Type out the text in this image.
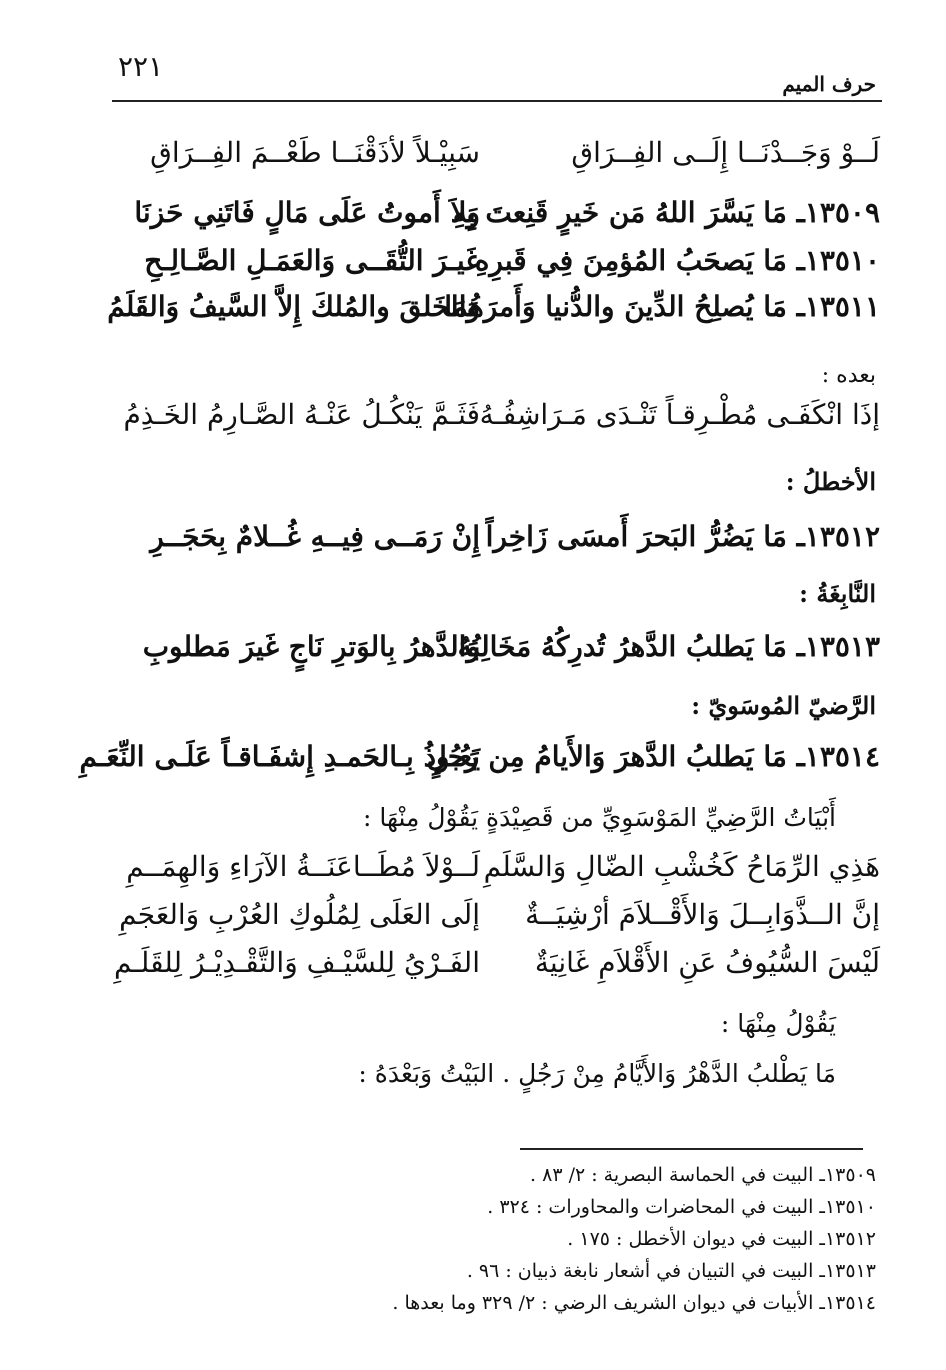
٢٢١
حرف الميم
لَــوْ وَجَــدْنَــا إِلَــى الفِــرَاقِ
سَبِيْـلاً لأذَقْنَــا طَعْــمَ الفِــرَاقِ
١٣٥٠٩ـ مَا يَسَّرَ اللهُ مَن خَيرٍ قَنِعتَ بِهِ
وَلاَ أَموتُ عَلَى مَالٍ فَاتَنِي حَزنَا
١٣٥١٠ـ مَا يَصحَبُ المُؤمِنَ فِي قَبرِهِ
غَيـرَ التُّقَــى وَالعَمَـلِ الصَّـالِـحِ
١٣٥١١ـ مَا يُصلِحُ الدِّينَ والدُّنيا وَأَمرَهُمَا
وَالخَلقَ والمُلكَ إِلاَّ السَّيفُ وَالقَلَمُ
بعده :
إذَا انْكَفَـى مُطْـرِقـاً تَنْـدَى مَـرَاشِفُـهُ
فَثَـمَّ يَنْكُـلُ عَنْـهُ الصَّـارِمُ الخَـذِمُ
الأخطلُ :
١٣٥١٢ـ مَا يَضُرُّ البَحرَ أَمسَى زَاخِراً
إِنْ رَمَــى فِيــهِ غُــلامٌ بِحَجَــرِ
النَّابِغَةُ :
١٣٥١٣ـ مَا يَطلبُ الدَّهرُ تُدرِكُهُ مَخَالِبُهُ
وَالدَّهرُ بِالوَترِ نَاجٍ غَيرَ مَطلوبِ
الرَّضيّ المُوسَويّ :
١٣٥١٤ـ مَا يَطلبُ الدَّهرَ وَالأَيامُ مِن رَجُلٍ
يَعُـوذُ بِـالحَمـدِ إِشفَـاقـاً عَلَـى النِّعَـمِ
أَبْيَاتُ الرَّضِيِّ المَوْسَوِيِّ من قَصِيْدَةٍ يَقُوْلُ مِنْهَا :
هَذِي الرِّمَاحُ كَخُشْبِ الضّالِ وَالسَّلَمِ
لَــوْلاَ مُطَــاعَنَــةُ الآرَاءِ وَالهِمَــمِ
إنَّ الــذَّوَابِــلَ وَالأَقْــلاَمَ أرْشِيَــةٌ
إلَى العَلَى لِمُلُوكِ العُرْبِ وَالعَجَمِ
لَيْسَ السُّيُوفُ عَنِ الأَقْلاَمِ غَانِيَةٌ
الفَـرْيُ لِلسَّيْـفِ وَالتَّقْـدِيْـرُ لِلقَلَـمِ
يَقُوْلُ مِنْهَا :
مَا يَطْلبُ الدَّهْرُ وَالأَيَّامُ مِنْ رَجُلٍ . البَيْتُ وَبَعْدَهُ :
١٣٥٠٩ـ البيت في الحماسة البصرية : ٢/ ٨٣ .
١٣٥١٠ـ البيت في المحاضرات والمحاورات : ٣٢٤ .
١٣٥١٢ـ البيت في ديوان الأخطل : ١٧٥ .
١٣٥١٣ـ البيت في التبيان في أشعار نابغة ذبيان : ٩٦ .
١٣٥١٤ـ الأبيات في ديوان الشريف الرضي : ٢/ ٣٢٩ وما بعدها .
